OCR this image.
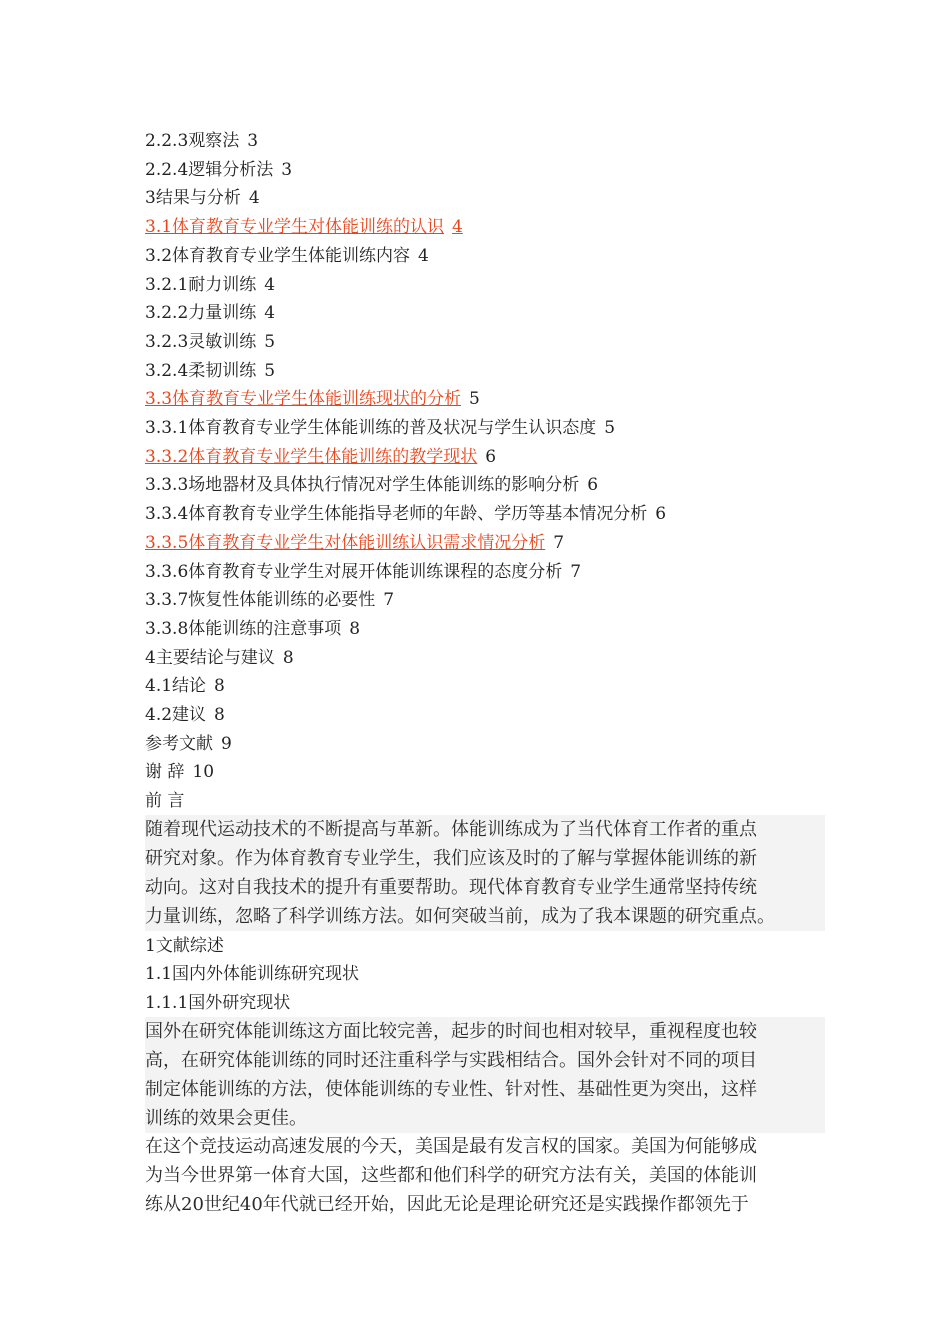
2.2.3观察法 3
2.2.4逻辑分析法 3
3结果与分析 4
3.1体育教育专业学生对体能训练的认识 4
3.2体育教育专业学生体能训练内容 4
3.2.1耐力训练 4
3.2.2力量训练 4
3.2.3灵敏训练 5
3.2.4柔韧训练 5
3.3体育教育专业学生体能训练现状的分析 5
3.3.1体育教育专业学生体能训练的普及状况与学生认识态度 5
3.3.2体育教育专业学生体能训练的教学现状 6
3.3.3场地器材及具体执行情况对学生体能训练的影响分析 6
3.3.4体育教育专业学生体能指导老师的年龄、学历等基本情况分析 6
3.3.5体育教育专业学生对体能训练认识需求情况分析 7
3.3.6体育教育专业学生对展开体能训练课程的态度分析 7
3.3.7恢复性体能训练的必要性 7
3.3.8体能训练的注意事项 8
4主要结论与建议 8
4.1结论 8
4.2建议 8
参考文献 9
谢 辞 10
前 言
随着现代运动技术的不断提高与革新。体能训练成为了当代体育工作者的重点
研究对象。作为体育教育专业学生，我们应该及时的了解与掌握体能训练的新
动向。这对自我技术的提升有重要帮助。现代体育教育专业学生通常坚持传统
力量训练，忽略了科学训练方法。如何突破当前，成为了我本课题的研究重点。
1文献综述
1.1国内外体能训练研究现状
1.1.1国外研究现状
国外在研究体能训练这方面比较完善，起步的时间也相对较早，重视程度也较
高，在研究体能训练的同时还注重科学与实践相结合。国外会针对不同的项目
制定体能训练的方法，使体能训练的专业性、针对性、基础性更为突出，这样
训练的效果会更佳。
在这个竞技运动高速发展的今天，美国是最有发言权的国家。美国为何能够成
为当今世界第一体育大国，这些都和他们科学的研究方法有关，美国的体能训
练从20世纪40年代就已经开始，因此无论是理论研究还是实践操作都领先于
